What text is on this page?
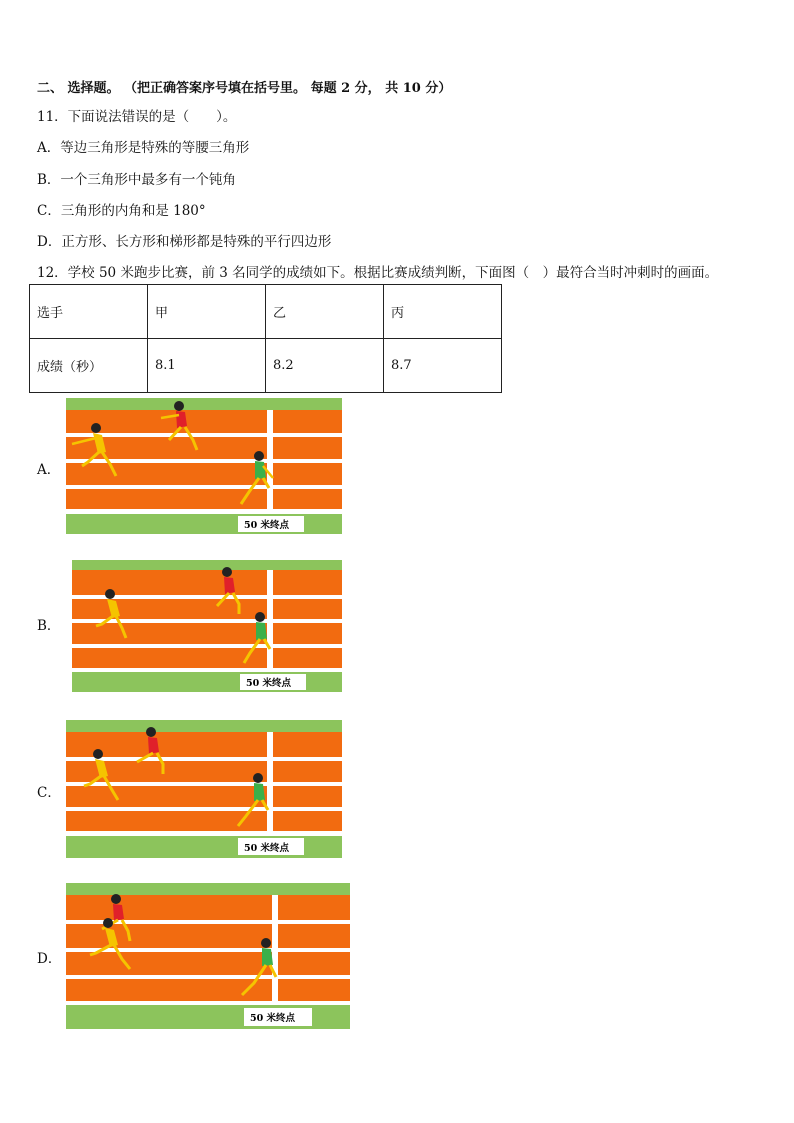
二、 选择题。 （把正确答案序号填在括号里。 每题 2 分， 共 10 分）
11．下面说法错误的是（　　）。
A．等边三角形是特殊的等腰三角形
B．一个三角形中最多有一个钝角
C．三角形的内角和是 180°
D．正方形、长方形和梯形都是特殊的平行四边形
12．学校 50 米跑步比赛，前 3 名同学的成绩如下。根据比赛成绩判断，下面图（　）最符合当时冲刺时的画面。
选手	甲	乙	丙
成绩（秒）	8.1	8.2	8.7
A．
B．
C．
D．
50 米终点
50 米终点
50 米终点
50 米终点
